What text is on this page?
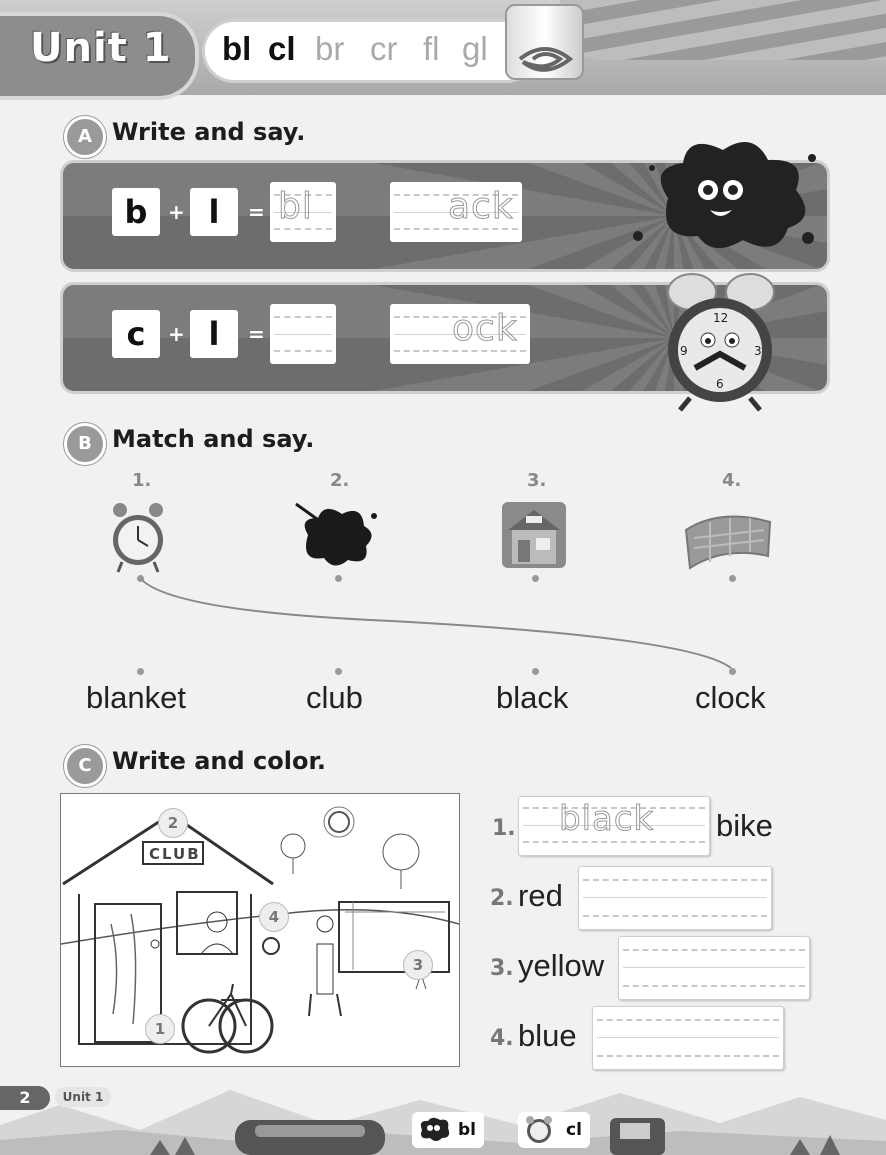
Unit 1 bl cl br cr fl gl
A Write and say.
b	+ l	= bl	ack
c	+ l	=	ock	12
3
6
9
B Match and say.
1.	2.	3.	4.
blanket	club	black	clock
C Write and color.
CLUB
1
2
3
4
1. black bike
2. red
3. yellow
4. blue
2	Unit 1
bl	cl
